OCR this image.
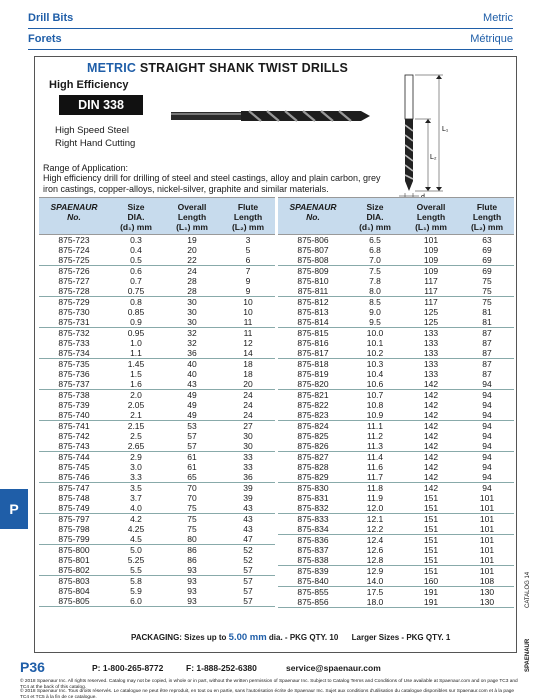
Drill Bits	Metric
Forets	Métrique
METRIC STRAIGHT SHANK TWIST DRILLS
High Efficiency
DIN 338
High Speed Steel
Right Hand Cutting
Range of Application:
High efficiency drill for drilling of steel and steel castings, alloy and plain carbon, grey iron castings, copper-alloys, nickel-silver, graphite and similar materials.
L₁
L₂
SPAENAUR
No.
Size
DIA.
(d₁) mm
Overall
Length
(L₁) mm
Flute
Length
(L₂) mm
875-723	0.3	19	3
875-724	0.4	20	5
875-725	0.5	22	6
875-726	0.6	24	7
875-727	0.7	28	9
875-728	0.75	28	9
875-729	0.8	30	10
875-730	0.85	30	10
875-731	0.9	30	11
875-732	0.95	32	11
875-733	1.0	32	12
875-734	1.1	36	14
875-735	1.45	40	18
875-736	1.5	40	18
875-737	1.6	43	20
875-738	2.0	49	24
875-739	2.05	49	24
875-740	2.1	49	24
875-741	2.15	53	27
875-742	2.5	57	30
875-743	2.65	57	30
875-744	2.9	61	33
875-745	3.0	61	33
875-746	3.3	65	36
875-747	3.5	70	39
875-748	3.7	70	39
875-749	4.0	75	43
875-797	4.2	75	43
875-798	4.25	75	43
875-799	4.5	80	47
875-800	5.0	86	52
875-801	5.25	86	52
875-802	5.5	93	57
875-803	5.8	93	57
875-804	5.9	93	57
875-805	6.0	93	57
SPAENAUR
No.
Size
DIA.
(d₁) mm
Overall
Length
(L₁) mm
Flute
Length
(L₂) mm
875-806	6.5	101	63
875-807	6.8	109	69
875-808	7.0	109	69
875-809	7.5	109	69
875-810	7.8	117	75
875-811	8.0	117	75
875-812	8.5	117	75
875-813	9.0	125	81
875-814	9.5	125	81
875-815	10.0	133	87
875-816	10.1	133	87
875-817	10.2	133	87
875-818	10.3	133	87
875-819	10.4	133	87
875-820	10.6	142	94
875-821	10.7	142	94
875-822	10.8	142	94
875-823	10.9	142	94
875-824	11.1	142	94
875-825	11.2	142	94
875-826	11.3	142	94
875-827	11.4	142	94
875-828	11.6	142	94
875-829	11.7	142	94
875-830	11.8	142	94
875-831	11.9	151	101
875-832	12.0	151	101
875-833	12.1	151	101
875-834	12.2	151	101
875-836	12.4	151	101
875-837	12.6	151	101
875-838	12.8	151	101
875-839	12.9	151	101
875-840	14.0	160	108
875-855	17.5	191	130
875-856	18.0	191	130
PACKAGING: Sizes up to 5.00 mm dia. - PKG QTY. 10 Larger Sizes - PKG QTY. 1
P
CATALOG 14
SPAENAUR
P36	P: 1-800-265-8772	F: 1-888-252-6380	service@spaenaur.com
© 2018 Spaenaur Inc. All rights reserved. Catalog may not be copied, in whole or in part, without the written permission of Spaenaur Inc. Subject to Catalog Terms and Conditions of Use available at Spaenaur.com and on page TC3 and TC4 at the back of this catalog.
© 2018 Spaenaur Inc. Tous droits réservés. Le catalogue ne peut être reproduit, en tout ou en partie, sans l'autorisation écrite de Spaenaur Inc. Sujet aux conditions d'utilisation du catalogue disponibles sur Spaenaur.com et à la page TC4 et TC5 à la fin de ce catalogue.
